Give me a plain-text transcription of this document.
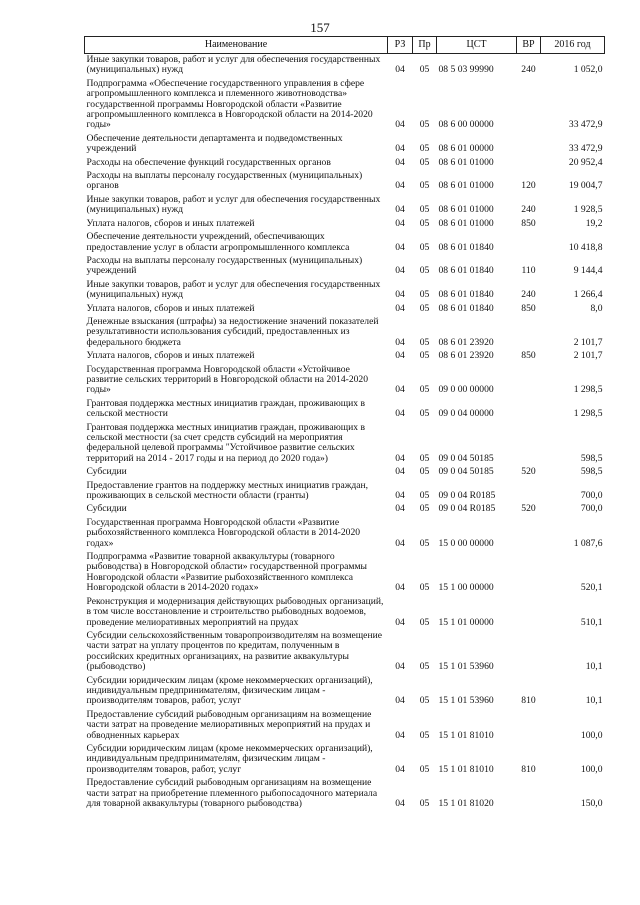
157
Наименование	РЗ	Пр	ЦСТ	ВР	2016 год
Иные закупки товаров, работ и услуг для обеспечения государственных (муниципальных) нужд	04	05	08 5 03 99990	240	1 052,0
Подпрограмма «Обеспечение государственного управления в сфере агропромышленного комплекса и племенного животноводства» государственной программы Новгородской области «Развитие агропромышленного комплекса в Новгородской области на 2014-2020 годы»	04	05	08 6 00 00000		33 472,9
Обеспечение деятельности департамента и подведомственных учреждений	04	05	08 6 01 00000		33 472,9
Расходы на обеспечение функций государственных органов	04	05	08 6 01 01000		20 952,4
Расходы на выплаты персоналу государственных (муниципальных) органов	04	05	08 6 01 01000	120	19 004,7
Иные закупки товаров, работ и услуг для обеспечения государственных (муниципальных) нужд	04	05	08 6 01 01000	240	1 928,5
Уплата налогов, сборов и иных платежей	04	05	08 6 01 01000	850	19,2
Обеспечение деятельности учреждений, обеспечивающих предоставление услуг в области агропромышленного комплекса	04	05	08 6 01 01840		10 418,8
Расходы на выплаты персоналу государственных (муниципальных) учреждений	04	05	08 6 01 01840	110	9 144,4
Иные закупки товаров, работ и услуг для обеспечения государственных (муниципальных) нужд	04	05	08 6 01 01840	240	1 266,4
Уплата налогов, сборов и иных платежей	04	05	08 6 01 01840	850	8,0
Денежные взыскания (штрафы) за недостижение значений показателей результативности использования субсидий, предоставленных из федерального бюджета	04	05	08 6 01 23920		2 101,7
Уплата налогов, сборов и иных платежей	04	05	08 6 01 23920	850	2 101,7
Государственная программа Новгородской области «Устойчивое развитие сельских территорий в Новгородской области на 2014-2020 годы»	04	05	09 0 00 00000		1 298,5
Грантовая поддержка местных инициатив граждан, проживающих в сельской местности	04	05	09 0 04 00000		1 298,5
Грантовая поддержка местных инициатив граждан, проживающих в сельской местности (за счет средств субсидий на мероприятия федеральной целевой программы "Устойчивое развитие сельских территорий на 2014 - 2017 годы и на период до 2020 года»)	04	05	09 0 04 50185		598,5
Субсидии	04	05	09 0 04 50185	520	598,5
Предоставление грантов на поддержку местных инициатив граждан, проживающих в сельской местности области (гранты)	04	05	09 0 04 R0185		700,0
Субсидии	04	05	09 0 04 R0185	520	700,0
Государственная программа Новгородской области «Развитие рыбохозяйственного комплекса Новгородской области в 2014-2020 годах»	04	05	15 0 00 00000		1 087,6
Подпрограмма «Развитие товарной аквакультуры (товарного рыбоводства) в Новгородской области» государственной программы Новгородской области «Развитие рыбохозяйственного комплекса Новгородской области в 2014-2020 годах»	04	05	15 1 00 00000		520,1
Реконструкция и модернизация действующих рыбоводных организаций, в том числе восстановление и строительство рыбоводных водоемов, проведение мелиоративных мероприятий на прудах	04	05	15 1 01 00000		510,1
Субсидии сельскохозяйственным товаропроизводителям на возмещение части затрат на уплату процентов по кредитам, полученным в российских кредитных организациях, на развитие аквакультуры (рыбоводство)	04	05	15 1 01 53960		10,1
Субсидии юридическим лицам (кроме некоммерческих организаций), индивидуальным предпринимателям, физическим лицам - производителям товаров, работ, услуг	04	05	15 1 01 53960	810	10,1
Предоставление субсидий рыбоводным организациям на возмещение части затрат на проведение мелиоративных мероприятий на прудах и обводненных карьерах	04	05	15 1 01 81010		100,0
Субсидии юридическим лицам (кроме некоммерческих организаций), индивидуальным предпринимателям, физическим лицам - производителям товаров, работ, услуг	04	05	15 1 01 81010	810	100,0
Предоставление субсидий рыбоводным организациям на возмещение части затрат на приобретение племенного рыбопосадочного материала для товарной аквакультуры (товарного рыбоводства)	04	05	15 1 01 81020		150,0
